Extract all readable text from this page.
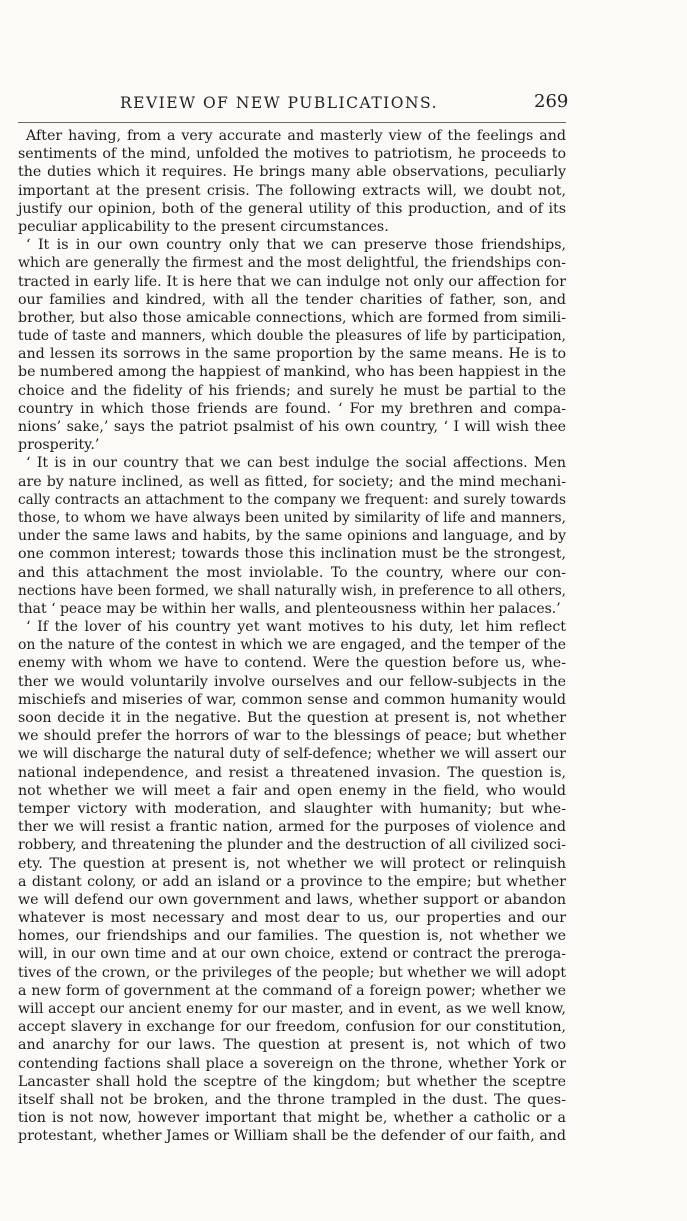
REVIEW OF NEW PUBLICATIONS.	269
After having, from a very accurate and masterly view of the feelings and
sentiments of the mind, unfolded the motives to patriotism, he proceeds to
the duties which it requires. He brings many able observations, peculiarly
important at the present crisis. The following extracts will, we doubt not,
justify our opinion, both of the general utility of this production, and of its
peculiar applicability to the present circumstances.
‘ It is in our own country only that we can preserve those friendships,
which are generally the firmest and the most delightful, the friendships con-
tracted in early life. It is here that we can indulge not only our affection for
our families and kindred, with all the tender charities of father, son, and
brother, but also those amicable connections, which are formed from simili-
tude of taste and manners, which double the pleasures of life by participation,
and lessen its sorrows in the same proportion by the same means. He is to
be numbered among the happiest of mankind, who has been happiest in the
choice and the fidelity of his friends; and surely he must be partial to the
country in which those friends are found. ‘ For my brethren and compa-
nions’ sake,’ says the patriot psalmist of his own country, ‘ I will wish thee
prosperity.’
‘ It is in our country that we can best indulge the social affections. Men
are by nature inclined, as well as fitted, for society; and the mind mechani-
cally contracts an attachment to the company we frequent: and surely towards
those, to whom we have always been united by similarity of life and manners,
under the same laws and habits, by the same opinions and language, and by
one common interest; towards those this inclination must be the strongest,
and this attachment the most inviolable. To the country, where our con-
nections have been formed, we shall naturally wish, in preference to all others,
that ‘ peace may be within her walls, and plenteousness within her palaces.’
‘ If the lover of his country yet want motives to his duty, let him reflect
on the nature of the contest in which we are engaged, and the temper of the
enemy with whom we have to contend. Were the question before us, whe-
ther we would voluntarily involve ourselves and our fellow-subjects in the
mischiefs and miseries of war, common sense and common humanity would
soon decide it in the negative. But the question at present is, not whether
we should prefer the horrors of war to the blessings of peace; but whether
we will discharge the natural duty of self-defence; whether we will assert our
national independence, and resist a threatened invasion. The question is,
not whether we will meet a fair and open enemy in the field, who would
temper victory with moderation, and slaughter with humanity; but whe-
ther we will resist a frantic nation, armed for the purposes of violence and
robbery, and threatening the plunder and the destruction of all civilized soci-
ety. The question at present is, not whether we will protect or relinquish
a distant colony, or add an island or a province to the empire; but whether
we will defend our own government and laws, whether support or abandon
whatever is most necessary and most dear to us, our properties and our
homes, our friendships and our families. The question is, not whether we
will, in our own time and at our own choice, extend or contract the preroga-
tives of the crown, or the privileges of the people; but whether we will adopt
a new form of government at the command of a foreign power; whether we
will accept our ancient enemy for our master, and in event, as we well know,
accept slavery in exchange for our freedom, confusion for our constitution,
and anarchy for our laws. The question at present is, not which of two
contending factions shall place a sovereign on the throne, whether York or
Lancaster shall hold the sceptre of the kingdom; but whether the sceptre
itself shall not be broken, and the throne trampled in the dust. The ques-
tion is not now, however important that might be, whether a catholic or a
protestant, whether James or William shall be the defender of our faith, and
